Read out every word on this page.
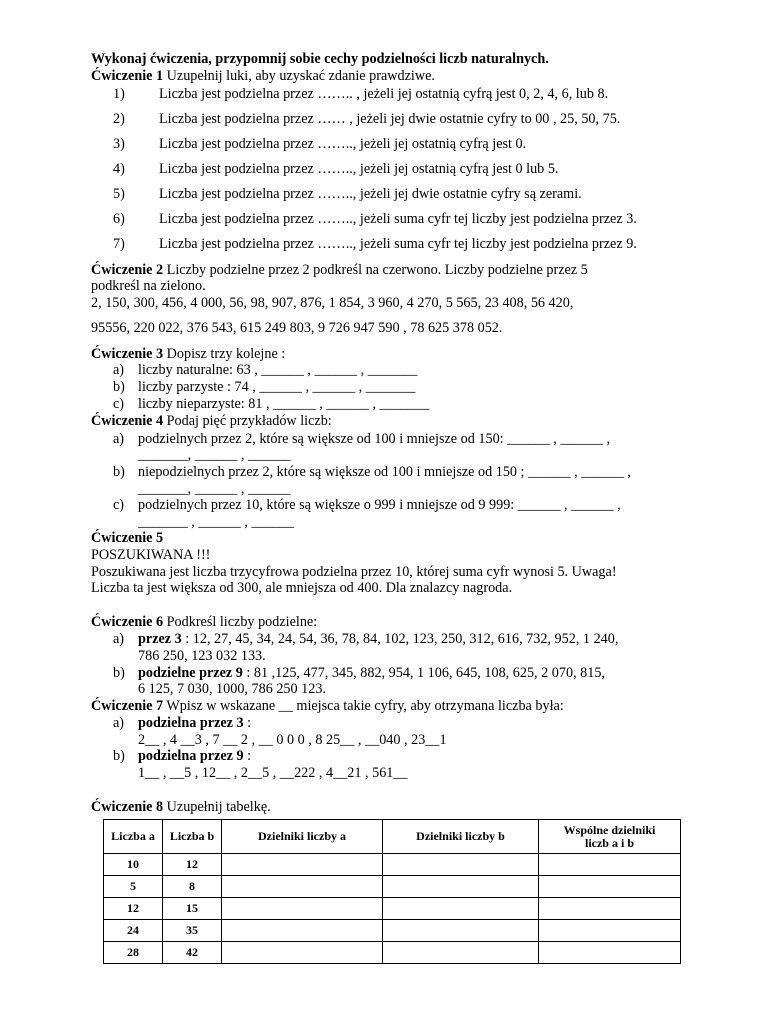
Wykonaj ćwiczenia, przypomnij sobie cechy podzielności liczb naturalnych.
Ćwiczenie 1 Uzupełnij luki, aby uzyskać zdanie prawdziwe.
1) Liczba jest podzielna przez …….. , jeżeli jej ostatnią cyfrą jest 0, 2, 4, 6, lub 8.
2) Liczba jest podzielna przez …… , jeżeli jej dwie ostatnie cyfry to 00 , 25, 50, 75.
3) Liczba jest podzielna przez …….., jeżeli jej ostatnią cyfrą jest 0.
4) Liczba jest podzielna przez …….., jeżeli jej ostatnią cyfrą jest 0 lub 5.
5) Liczba jest podzielna przez …….., jeżeli jej dwie ostatnie cyfry są zerami.
6) Liczba jest podzielna przez …….., jeżeli suma cyfr tej liczby jest podzielna przez 3.
7) Liczba jest podzielna przez …….., jeżeli suma cyfr tej liczby jest podzielna przez 9.
Ćwiczenie 2 Liczby podzielne przez 2 podkreśl na czerwono. Liczby podzielne przez 5
podkreśl na zielono.
2, 150, 300, 456, 4 000, 56, 98, 907, 876, 1 854, 3 960, 4 270, 5 565, 23 408, 56 420,
95556, 220 022, 376 543, 615 249 803, 9 726 947 590 , 78 625 378 052.
Ćwiczenie 3 Dopisz trzy kolejne :
a) liczby naturalne: 63 , ______ , ______ , _______
b) liczby parzyste : 74 , ______ , ______ , _______
c) liczby nieparzyste: 81 , ______ , ______ , _______
Ćwiczenie 4 Podaj pięć przykładów liczb:
a) podzielnych przez 2, które są większe od 100 i mniejsze od 150: ______ , ______ ,
_______, ______ , ______
b) niepodzielnych przez 2, które są większe od 100 i mniejsze od 150 ; ______ , ______ ,
_______, ______ , ______
c) podzielnych przez 10, które są większe o 999 i mniejsze od 9 999: ______ , ______ ,
_______ , ______ , ______
Ćwiczenie 5
POSZUKIWANA !!!
Poszukiwana jest liczba trzycyfrowa podzielna przez 10, której suma cyfr wynosi 5. Uwaga!
Liczba ta jest większa od 300, ale mniejsza od 400. Dla znalazcy nagroda.
Ćwiczenie 6 Podkreśl liczby podzielne:
a) przez 3 : 12, 27, 45, 34, 24, 54, 36, 78, 84, 102, 123, 250, 312, 616, 732, 952, 1 240,
786 250, 123 032 133.
b) podzielne przez 9 : 81 ,125, 477, 345, 882, 954, 1 106, 645, 108, 625, 2 070, 815,
6 125, 7 030, 1000, 786 250 123.
Ćwiczenie 7 Wpisz w wskazane __ miejsca takie cyfry, aby otrzymana liczba była:
a) podzielna przez 3 :
2__ , 4 __3 , 7 __ 2 , __ 0 0 0 , 8 25__ , __040 , 23__1
b) podzielna przez 9 :
1__ , __5 , 12__ , 2__5 , __222 , 4__21 , 561__
Ćwiczenie 8 Uzupełnij tabelkę.
Liczba a	Liczba b	Dzielniki liczby a	Dzielniki liczby b	Wspólne dzielniki
liczb a i b
10	12			
5	8			
12	15			
24	35			
28	42			
